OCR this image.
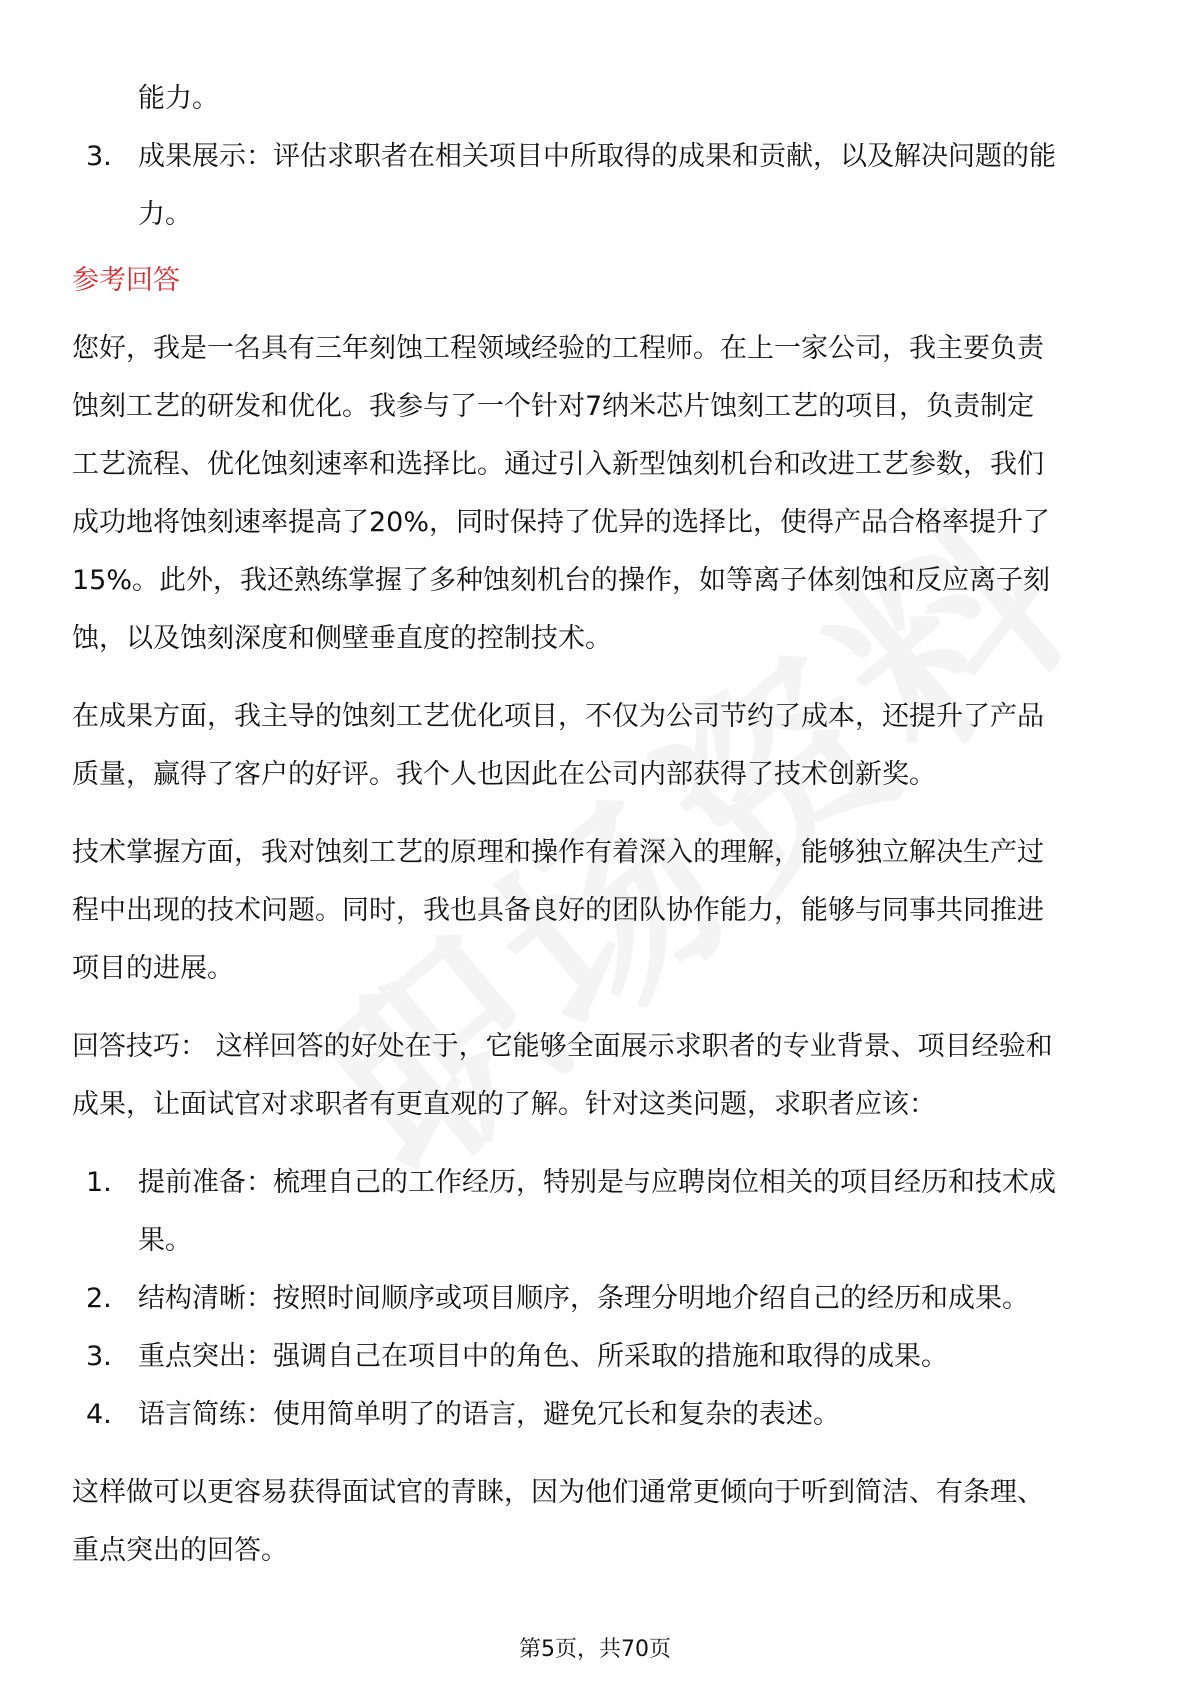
能力。

3. 成果展示：评估求职者在相关项目中所取得的成果和贡献，以及解决问题的能

力。

参考回答

您好，我是一名具有三年刻蚀工程领域经验的工程师。在上一家公司，我主要负责

蚀刻工艺的研发和优化。我参与了一个针对7纳米芯片蚀刻工艺的项目，负责制定

工艺流程、优化蚀刻速率和选择比。通过引入新型蚀刻机台和改进工艺参数，我们

成功地将蚀刻速率提高了20%，同时保持了优异的选择比，使得产品合格率提升了

15%。此外，我还熟练掌握了多种蚀刻机台的操作，如等离子体刻蚀和反应离子刻

蚀，以及蚀刻深度和侧壁垂直度的控制技术。

在成果方面，我主导的蚀刻工艺优化项目，不仅为公司节约了成本，还提升了产品

质量，赢得了客户的好评。我个人也因此在公司内部获得了技术创新奖。

技术掌握方面，我对蚀刻工艺的原理和操作有着深入的理解，能够独立解决生产过

程中出现的技术问题。同时，我也具备良好的团队协作能力，能够与同事共同推进

项目的进展。

回答技巧： 这样回答的好处在于，它能够全面展示求职者的专业背景、项目经验和

成果，让面试官对求职者有更直观的了解。针对这类问题，求职者应该：

1. 提前准备：梳理自己的工作经历，特别是与应聘岗位相关的项目经历和技术成

果。

2. 结构清晰：按照时间顺序或项目顺序，条理分明地介绍自己的经历和成果。

3. 重点突出：强调自己在项目中的角色、所采取的措施和取得的成果。

4. 语言简练：使用简单明了的语言，避免冗长和复杂的表述。

这样做可以更容易获得面试官的青睐，因为他们通常更倾向于听到简洁、有条理、

重点突出的回答。

第5页，共70页
